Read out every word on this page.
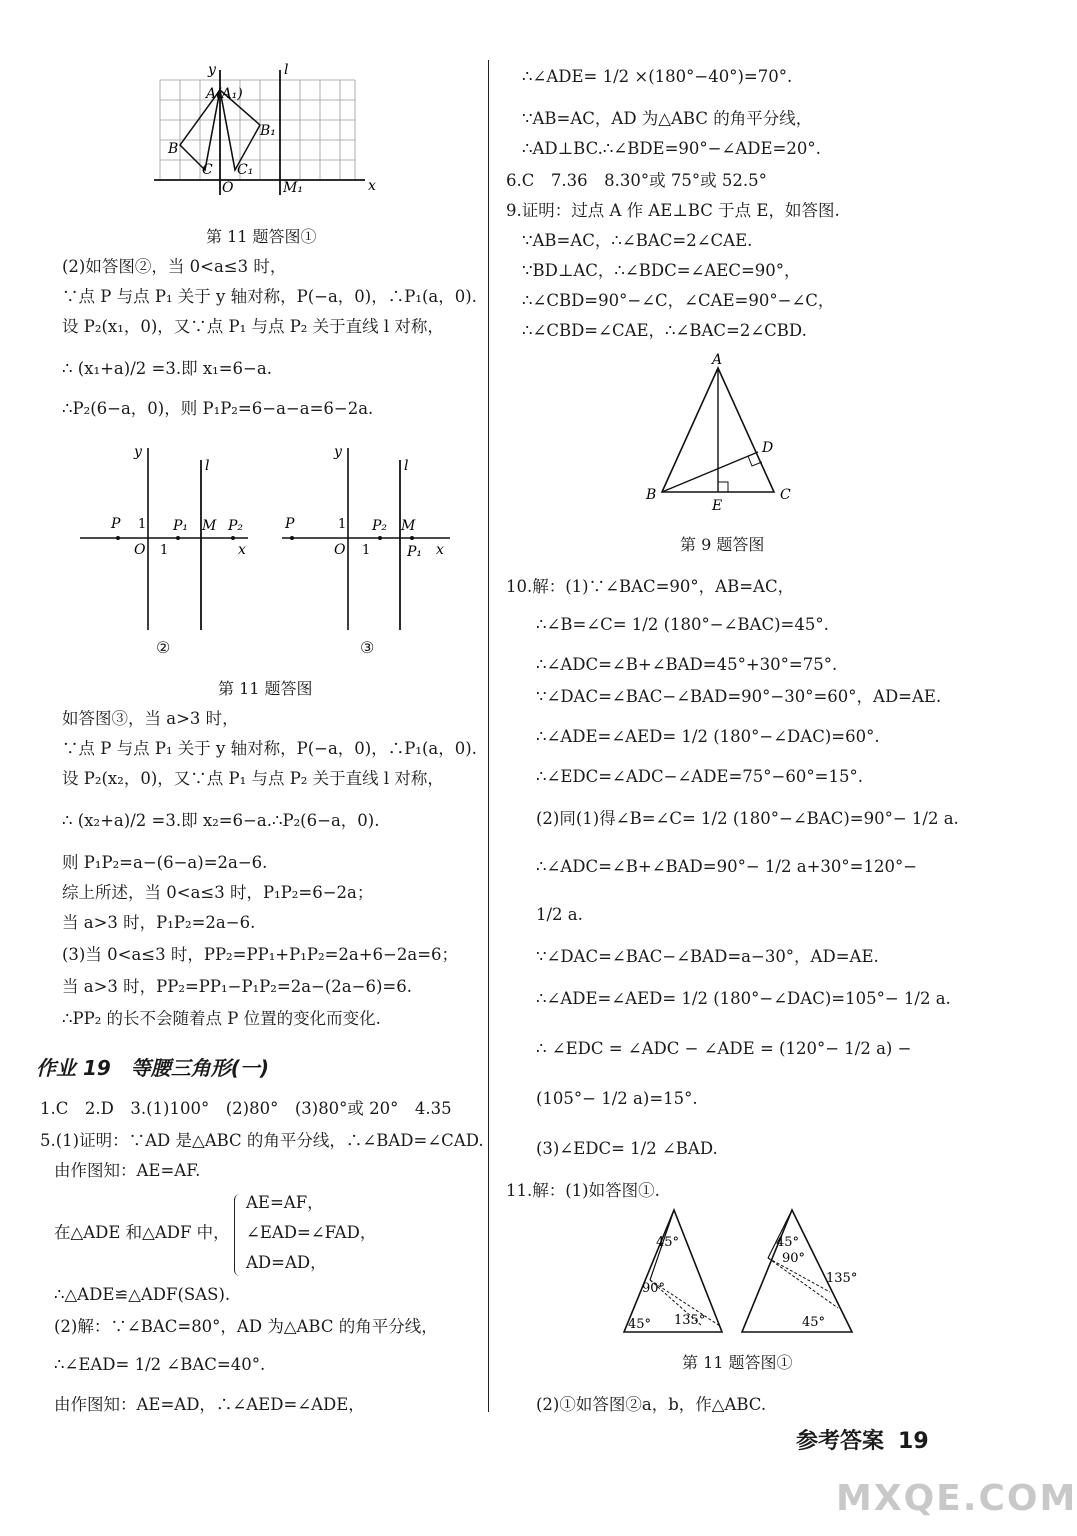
y	l
x
A(A₁)
B
B₁
C C₁
O	M₁
第 11 题答图①
(2)如答图②，当 0<a≤3 时，
∵点 P 与点 P₁ 关于 y 轴对称，P(−a，0)，∴P₁(a，0).
设 P₂(x₁，0)，又∵点 P₁ 与点 P₂ 关于直线 l 对称，
∴ (x₁+a)/2 =3.即 x₁=6−a.
∴P₂(6−a，0)，则 P₁P₂=6−a−a=6−2a.
y
l
P 1 P₁ M P₂
O 1	x
②
y
l
P	1 P₂ M
O 1	P₁ x
③
第 11 题答图
如答图③，当 a>3 时，
∵点 P 与点 P₁ 关于 y 轴对称，P(−a，0)，∴P₁(a，0).
设 P₂(x₂，0)，又∵点 P₁ 与点 P₂ 关于直线 l 对称，
∴ (x₂+a)/2 =3.即 x₂=6−a.∴P₂(6−a，0).
则 P₁P₂=a−(6−a)=2a−6.
综上所述，当 0<a≤3 时，P₁P₂=6−2a；
当 a>3 时，P₁P₂=2a−6.
(3)当 0<a≤3 时，PP₂=PP₁+P₁P₂=2a+6−2a=6；
当 a>3 时，PP₂=PP₁−P₁P₂=2a−(2a−6)=6.
∴PP₂ 的长不会随着点 P 位置的变化而变化.
作业 19　等腰三角形(一)
1.C　2.D　3.(1)100°　(2)80°　(3)80°或 20°　4.35
5.(1)证明：∵AD 是△ABC 的角平分线，∴∠BAD=∠CAD.
由作图知：AE=AF.
在△ADE 和△ADF 中，
AE=AF，
∠EAD=∠FAD，
AD=AD，
∴△ADE≌△ADF(SAS).
(2)解：∵∠BAC=80°，AD 为△ABC 的角平分线，
∴∠EAD= 1/2 ∠BAC=40°.
由作图知：AE=AD，∴∠AED=∠ADE，
∴∠ADE= 1/2 ×(180°−40°)=70°.
∵AB=AC，AD 为△ABC 的角平分线，
∴AD⊥BC.∴∠BDE=90°−∠ADE=20°.
6.C　7.36　8.30°或 75°或 52.5°
9.证明：过点 A 作 AE⊥BC 于点 E，如答图.
∵AB=AC，∴∠BAC=2∠CAE.
∵BD⊥AC，∴∠BDC=∠AEC=90°，
∴∠CBD=90°−∠C，∠CAE=90°−∠C，
∴∠CBD=∠CAE，∴∠BAC=2∠CBD.
A
B	C
D
E
第 9 题答图
10.解：(1)∵∠BAC=90°，AB=AC，
∴∠B=∠C= 1/2 (180°−∠BAC)=45°.
∴∠ADC=∠B+∠BAD=45°+30°=75°.
∵∠DAC=∠BAC−∠BAD=90°−30°=60°，AD=AE.
∴∠ADE=∠AED= 1/2 (180°−∠DAC)=60°.
∴∠EDC=∠ADC−∠ADE=75°−60°=15°.
(2)同(1)得∠B=∠C= 1/2 (180°−∠BAC)=90°− 1/2 a.
∴∠ADC=∠B+∠BAD=90°− 1/2 a+30°=120°−
1/2 a.
∵∠DAC=∠BAC−∠BAD=a−30°，AD=AE.
∴∠ADE=∠AED= 1/2 (180°−∠DAC)=105°− 1/2 a.
∴ ∠EDC = ∠ADC − ∠ADE = (120°− 1/2 a) −
(105°− 1/2 a)=15°.
(3)∠EDC= 1/2 ∠BAD.
11.解：(1)如答图①.
45°
90°
45° 135°
45°
90°
135°
45°
第 11 题答图①
(2)①如答图②a，b，作△ABC.
参考答案 19
MXQE.COM
